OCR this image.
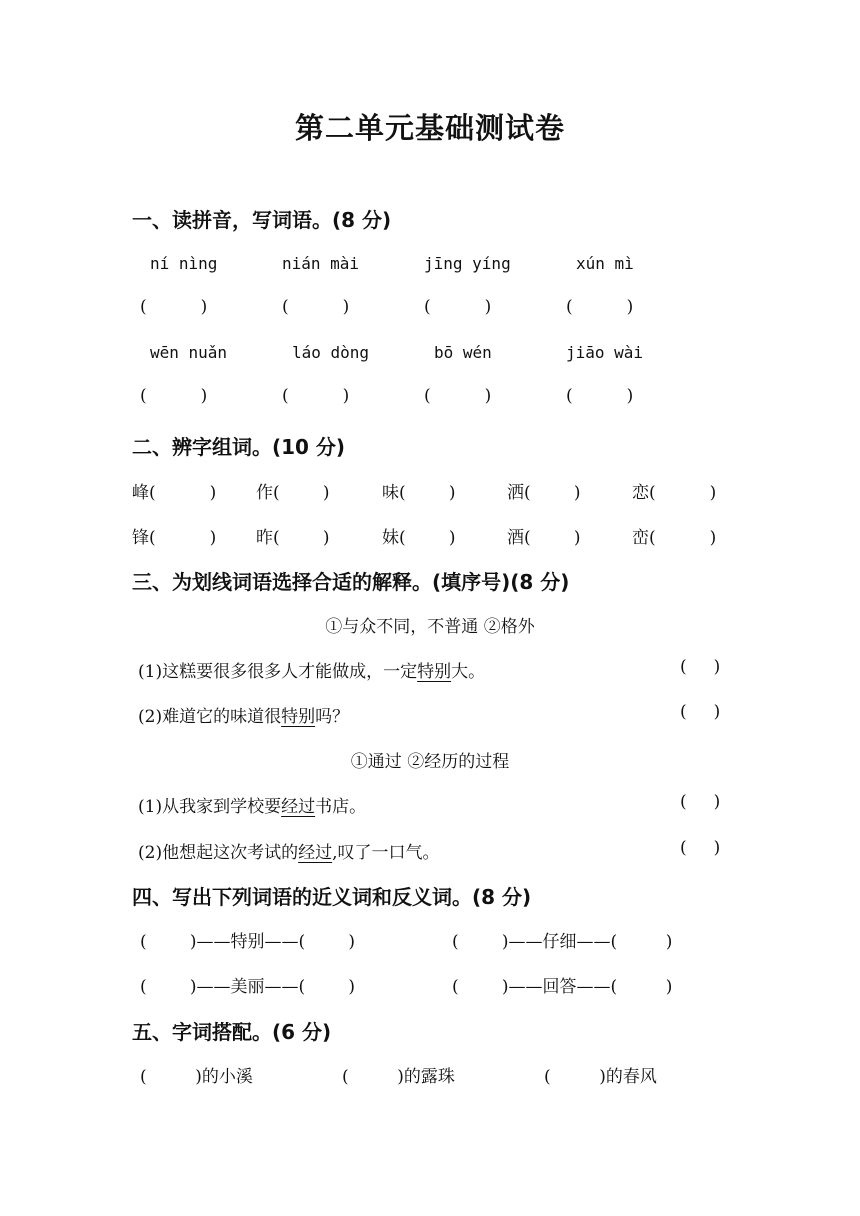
第二单元基础测试卷
一、读拼音，写词语。(8 分)
ní nìng	nián mài	jīng yíng	xún mì
(          )	(          )	(          )	(          )
wēn nuǎn	láo dòng	bō wén	jiāo wài
(          )	(          )	(          )	(          )
二、辨字组词。(10 分)
峰(          ) 作(        )	味(        )	洒(        )	恋(          )
锋(          ) 昨(        )	妹(        )	酒(        )	峦(          )
三、为划线词语选择合适的解释。(填序号)(8 分)
①与众不同，不普通 ②格外
(1)这糕要很多很多人才能做成，一定特别大。	(     )
(2)难道它的味道很特别吗？	(     )
①通过 ②经历的过程
(1)从我家到学校要经过书店。	(     )
(2)他想起这次考试的经过,叹了一口气。	(     )
四、写出下列词语的近义词和反义词。(8 分)
(        )——特别——(        )	(        )——仔细——(         )
(        )——美丽——(        )	(        )——回答——(         )
五、字词搭配。(6 分)
(         )的小溪	(         )的露珠	(         )的春风
